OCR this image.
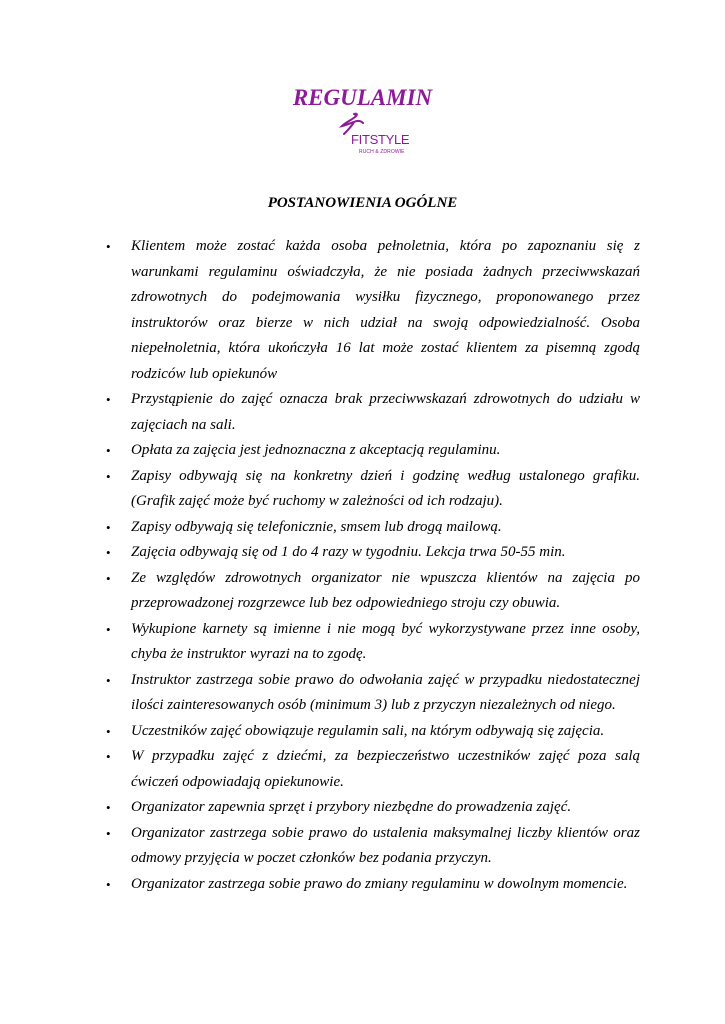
REGULAMIN
FITSTYLE
RUCH & ZDROWIE
POSTANOWIENIA OGÓLNE
• Klientem może zostać każda osoba pełnoletnia, która po zapoznaniu się z warunkami regulaminu oświadczyła, że nie posiada żadnych przeciwwskazań zdrowotnych do podejmowania wysiłku fizycznego, proponowanego przez instruktorów oraz bierze w nich udział na swoją odpowiedzialność. Osoba niepełnoletnia, która ukończyła 16 lat może zostać klientem za pisemną zgodą rodziców lub opiekunów
• Przystąpienie do zajęć oznacza brak przeciwwskazań zdrowotnych do udziału w zajęciach na sali.
• Opłata za zajęcia jest jednoznaczna z akceptacją regulaminu.
• Zapisy odbywają się na konkretny dzień i godzinę według ustalonego grafiku. (Grafik zajęć może być ruchomy w zależności od ich rodzaju).
• Zapisy odbywają się telefonicznie, smsem lub drogą mailową.
• Zajęcia odbywają się od 1 do 4 razy w tygodniu. Lekcja trwa 50-55 min.
• Ze względów zdrowotnych organizator nie wpuszcza klientów na zajęcia po przeprowadzonej rozgrzewce lub bez odpowiedniego stroju czy obuwia.
• Wykupione karnety są imienne i nie mogą być wykorzystywane przez inne osoby, chyba że instruktor wyrazi na to zgodę.
• Instruktor zastrzega sobie prawo do odwołania zajęć w przypadku niedostatecznej ilości zainteresowanych osób (minimum 3) lub z przyczyn niezależnych od niego.
• Uczestników zajęć obowiązuje regulamin sali, na którym odbywają się zajęcia.
• W przypadku zajęć z dziećmi, za bezpieczeństwo uczestników zajęć poza salą ćwiczeń odpowiadają opiekunowie.
• Organizator zapewnia sprzęt i przybory niezbędne do prowadzenia zajęć.
• Organizator zastrzega sobie prawo do ustalenia maksymalnej liczby klientów oraz odmowy przyjęcia w poczet członków bez podania przyczyn.
• Organizator zastrzega sobie prawo do zmiany regulaminu w dowolnym momencie.
